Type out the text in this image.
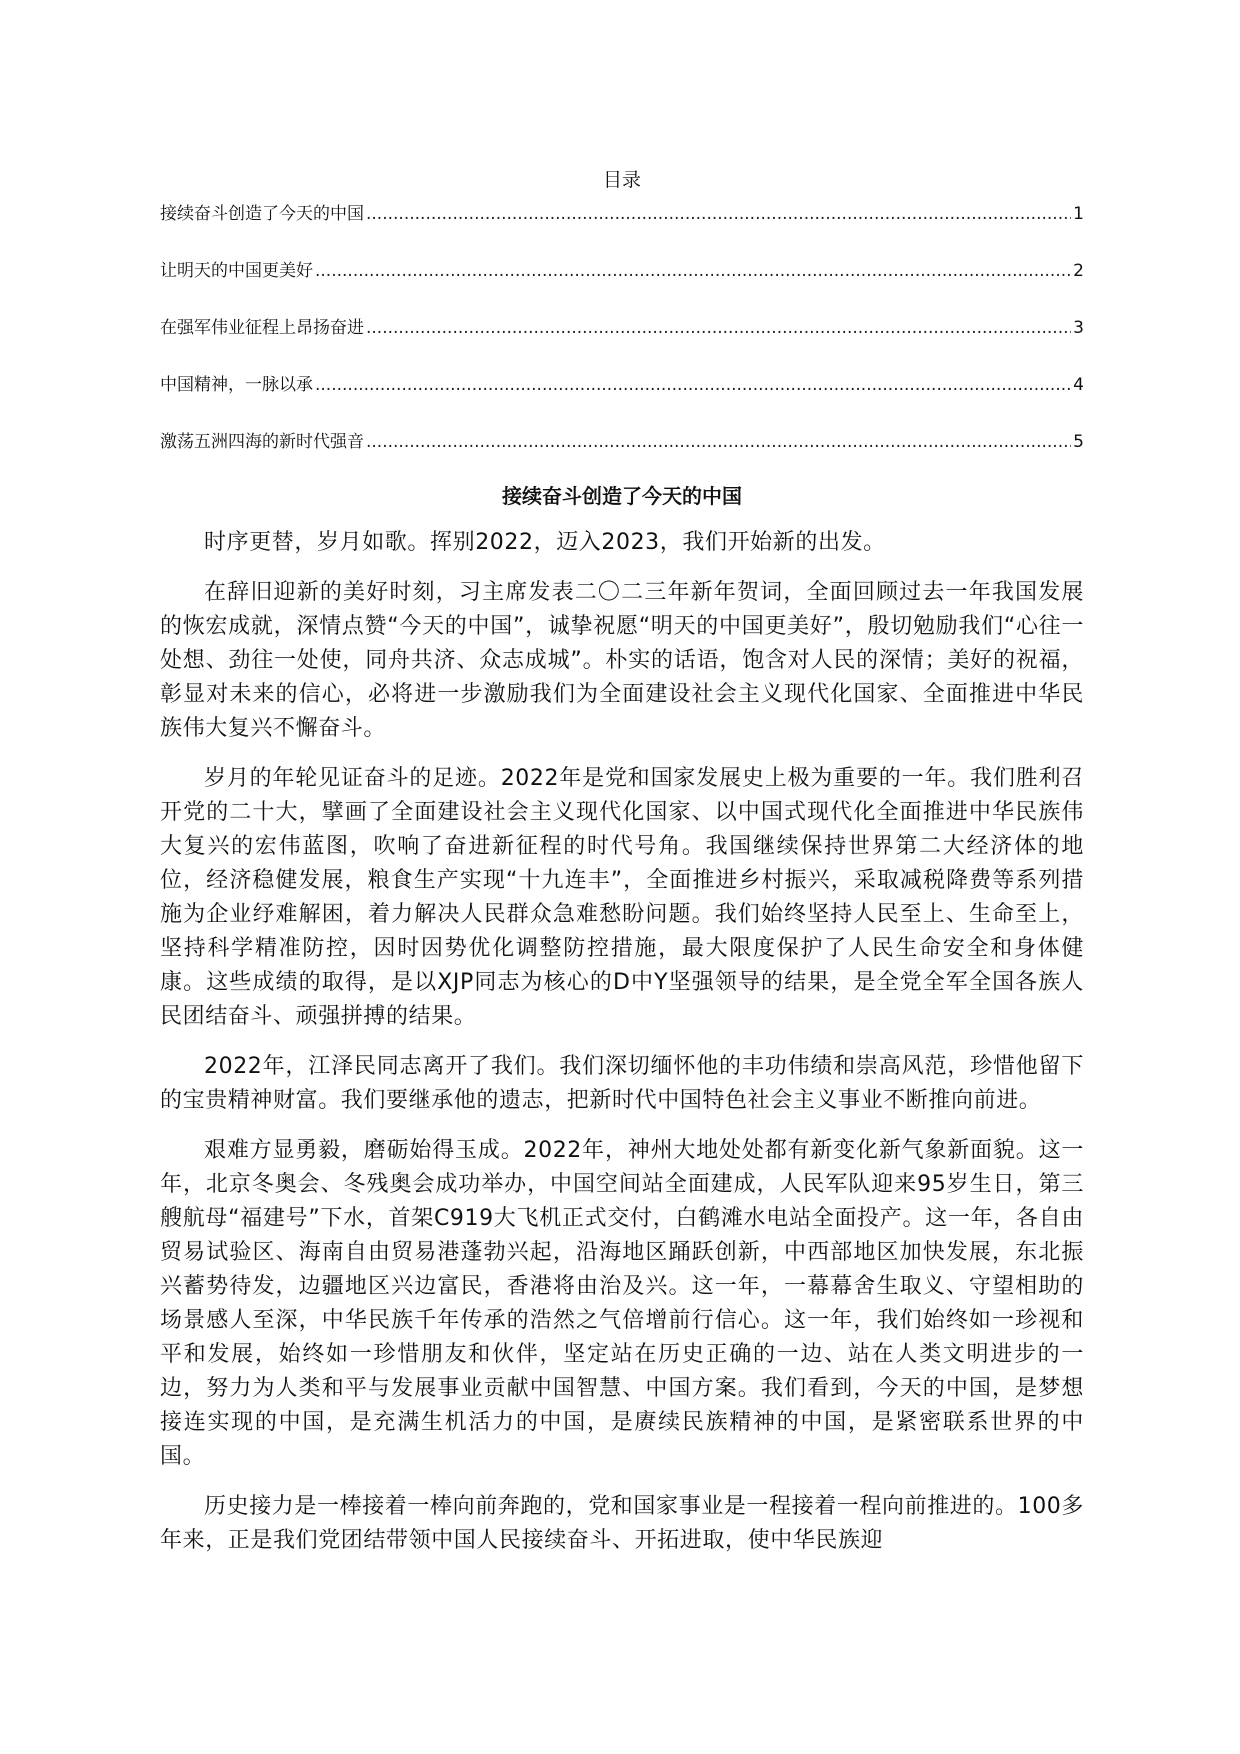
目录
接续奋斗创造了今天的中国 .....	1
让明天的中国更美好 .....	2
在强军伟业征程上昂扬奋进 .....	3
中国精神，一脉以承 .....	4
激荡五洲四海的新时代强音 .....	5
接续奋斗创造了今天的中国

时序更替，岁月如歌。挥别2022，迈入2023，我们开始新的出发。

在辞旧迎新的美好时刻，习主席发表二〇二三年新年贺词，全面回顾过去一年我国发展的恢宏成就，深情点赞“今天的中国”，诚挚祝愿“明天的中国更美好”，殷切勉励我们“心往一处想、劲往一处使，同舟共济、众志成城”。朴实的话语，饱含对人民的深情；美好的祝福，彰显对未来的信心，必将进一步激励我们为全面建设社会主义现代化国家、全面推进中华民族伟大复兴不懈奋斗。

岁月的年轮见证奋斗的足迹。2022年是党和国家发展史上极为重要的一年。我们胜利召开党的二十大，擘画了全面建设社会主义现代化国家、以中国式现代化全面推进中华民族伟大复兴的宏伟蓝图，吹响了奋进新征程的时代号角。我国继续保持世界第二大经济体的地位，经济稳健发展，粮食生产实现“十九连丰”，全面推进乡村振兴，采取减税降费等系列措施为企业纾难解困，着力解决人民群众急难愁盼问题。我们始终坚持人民至上、生命至上，坚持科学精准防控，因时因势优化调整防控措施，最大限度保护了人民生命安全和身体健康。这些成绩的取得，是以XJP同志为核心的D中Y坚强领导的结果，是全党全军全国各族人民团结奋斗、顽强拼搏的结果。

2022年，江泽民同志离开了我们。我们深切缅怀他的丰功伟绩和崇高风范，珍惜他留下的宝贵精神财富。我们要继承他的遗志，把新时代中国特色社会主义事业不断推向前进。

艰难方显勇毅，磨砺始得玉成。2022年，神州大地处处都有新变化新气象新面貌。这一年，北京冬奥会、冬残奥会成功举办，中国空间站全面建成，人民军队迎来95岁生日，第三艘航母“福建号”下水，首架C919大飞机正式交付，白鹤滩水电站全面投产。这一年，各自由贸易试验区、海南自由贸易港蓬勃兴起，沿海地区踊跃创新，中西部地区加快发展，东北振兴蓄势待发，边疆地区兴边富民，香港将由治及兴。这一年，一幕幕舍生取义、守望相助的场景感人至深，中华民族千年传承的浩然之气倍增前行信心。这一年，我们始终如一珍视和平和发展，始终如一珍惜朋友和伙伴，坚定站在历史正确的一边、站在人类文明进步的一边，努力为人类和平与发展事业贡献中国智慧、中国方案。我们看到，今天的中国，是梦想接连实现的中国，是充满生机活力的中国，是赓续民族精神的中国，是紧密联系世界的中国。

历史接力是一棒接着一棒向前奔跑的，党和国家事业是一程接着一程向前推进的。100多年来，正是我们党团结带领中国人民接续奋斗、开拓进取，使中华民族迎
